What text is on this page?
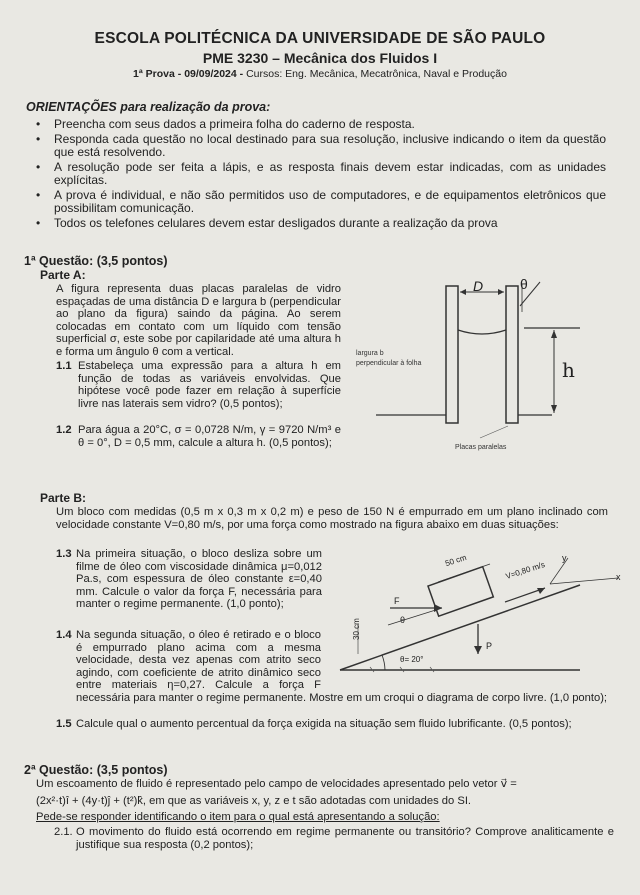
ESCOLA POLITÉCNICA DA UNIVERSIDADE DE SÃO PAULO
PME 3230 – Mecânica dos Fluidos I
1ª Prova - 09/09/2024 - Cursos: Eng. Mecânica, Mecatrônica, Naval e Produção
ORIENTAÇÕES para realização da prova:
• Preencha com seus dados a primeira folha do caderno de resposta.
• Responda cada questão no local destinado para sua resolução, inclusive indicando o item da questão que está resolvendo.
• A resolução pode ser feita a lápis, e as resposta finais devem estar indicadas, com as unidades explícitas.
• A prova é individual, e não são permitidos uso de computadores, e de equipamentos eletrônicos que possibilitam comunicação.
• Todos os telefones celulares devem estar desligados durante a realização da prova
1ª Questão: (3,5 pontos)
Parte A:
A figura representa duas placas paralelas de vidro espaçadas de uma distância D e largura b (perpendicular ao plano da figura) saindo da página. Ao serem colocadas em contato com um líquido com tensão superficial σ, este sobe por capilaridade até uma altura h e forma um ângulo θ com a vertical.
1.1 Estabeleça uma expressão para a altura h em função de todas as variáveis envolvidas. Que hipótese você pode fazer em relação à superfície livre nas laterais sem vidro? (0,5 pontos);
1.2 Para água a 20°C, σ = 0,0728 N/m, γ = 9720 N/m³ e θ = 0°, D = 0,5 mm, calcule a altura h. (0,5 pontos);
D	θ
h
largura b
perpendicular à folha
Placas paralelas
Parte B:
Um bloco com medidas (0,5 m x 0,3 m x 0,2 m) e peso de 150 N é empurrado em um plano inclinado com velocidade constante V=0,80 m/s, por uma força como mostrado na figura abaixo em duas situações:
1.3 Na primeira situação, o bloco desliza sobre um filme de óleo com viscosidade dinâmica μ=0,012 Pa.s, com espessura de óleo constante ε=0,40 mm. Calcule o valor da força F, necessária para manter o regime permanente. (1,0 ponto);
1.4 Na segunda situação, o óleo é retirado e o bloco é empurrado plano acima com a mesma velocidade, desta vez apenas com atrito seco agindo, com coeficiente de atrito dinâmico seco entre materiais η=0,27. Calcule a força F necessária para manter o regime permanente. Mostre em um croqui o diagrama de corpo livre. (1,0 ponto);
1.5 Calcule qual o aumento percentual da força exigida na situação sem fluido lubrificante. (0,5 pontos);
50 cm	V=0,80 m/s
F
θ
P
θ= 20°
30 cm
x
y
2ª Questão: (3,5 pontos)
Um escoamento de fluido é representado pelo campo de velocidades apresentado pelo vetor v⃗ =
(2x²·t)î + (4y·t)ĵ + (t²)k̂, em que as variáveis x, y, z e t são adotadas com unidades do SI.
Pede-se responder identificando o item para o qual está apresentando a solução:
2.1. O movimento do fluido está ocorrendo em regime permanente ou transitório? Comprove analiticamente e justifique sua resposta (0,2 pontos);
